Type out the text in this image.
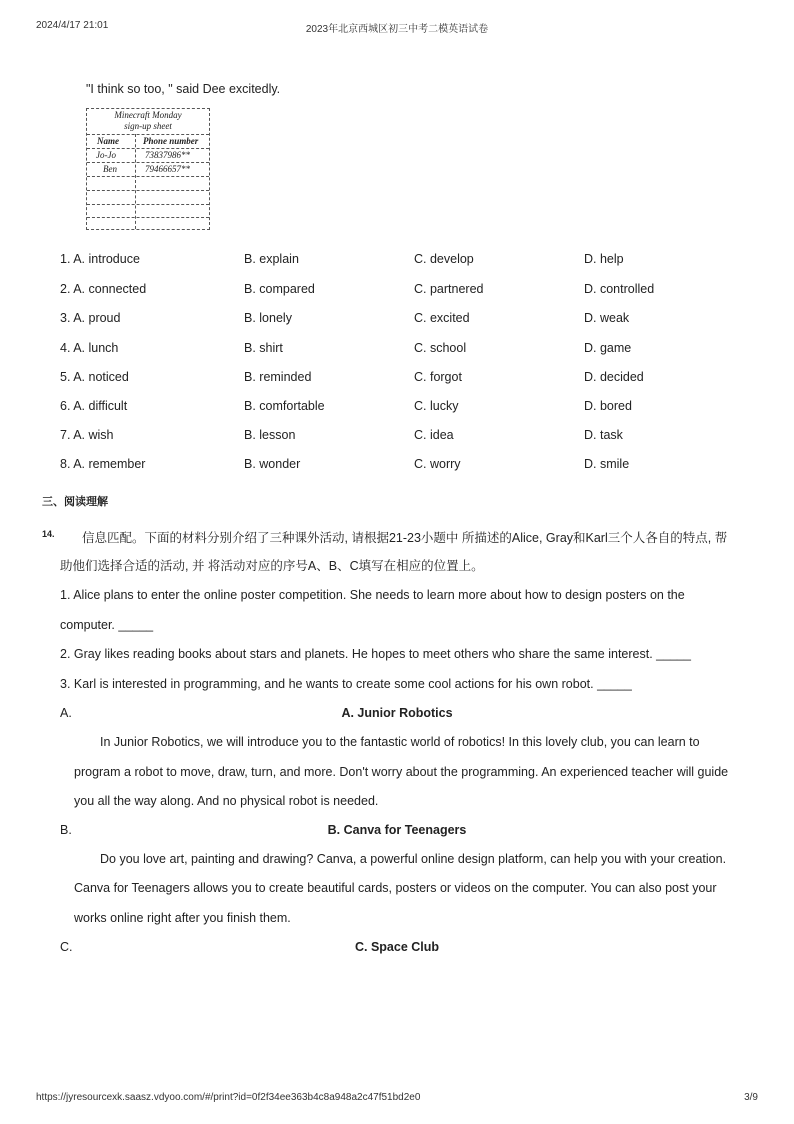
2024/4/17 21:01	2023年北京西城区初三中考二模英语试卷
"I think so too, " said Dee excitedly.
Minecraft Monday
sign-up sheet
Name	Phone number
Jo-Jo	73837986**
Ben	79466657**
1. A. introduce	B. explain	C. develop	D. help
2. A. connected	B. compared	C. partnered	D. controlled
3. A. proud	B. lonely	C. excited	D. weak
4. A. lunch	B. shirt	C. school	D. game
5. A. noticed	B. reminded	C. forgot	D. decided
6. A. difficult	B. comfortable	C. lucky	D. bored
7. A. wish	B. lesson	C. idea	D. task
8. A. remember	B. wonder	C. worry	D. smile
三、阅读理解
14. 信息匹配。下面的材料分别介绍了三种课外活动, 请根据21-23小题中 所描述的Alice, Gray和Karl三个人各自的特点, 帮
助他们选择合适的活动, 并 将活动对应的序号A、B、C填写在相应的位置上。
1. Alice plans to enter the online poster competition. She needs to learn more about how to design posters on the
computer. _____
2. Gray likes reading books about stars and planets. He hopes to meet others who share the same interest. _____
3. Karl is interested in programming, and he wants to create some cool actions for his own robot. _____
A.	A. Junior Robotics
In Junior Robotics, we will introduce you to the fantastic world of robotics! In this lovely club, you can learn to
program a robot to move, draw, turn, and more. Don't worry about the programming. An experienced teacher will guide
you all the way along. And no physical robot is needed.
B.	B. Canva for Teenagers
Do you love art, painting and drawing? Canva, a powerful online design platform, can help you with your creation.
Canva for Teenagers allows you to create beautiful cards, posters or videos on the computer. You can also post your
works online right after you finish them.
C.	C. Space Club
https://jyresourcexk.saasz.vdyoo.com/#/print?id=0f2f34ee363b4c8a948a2c47f51bd2e0	3/9
